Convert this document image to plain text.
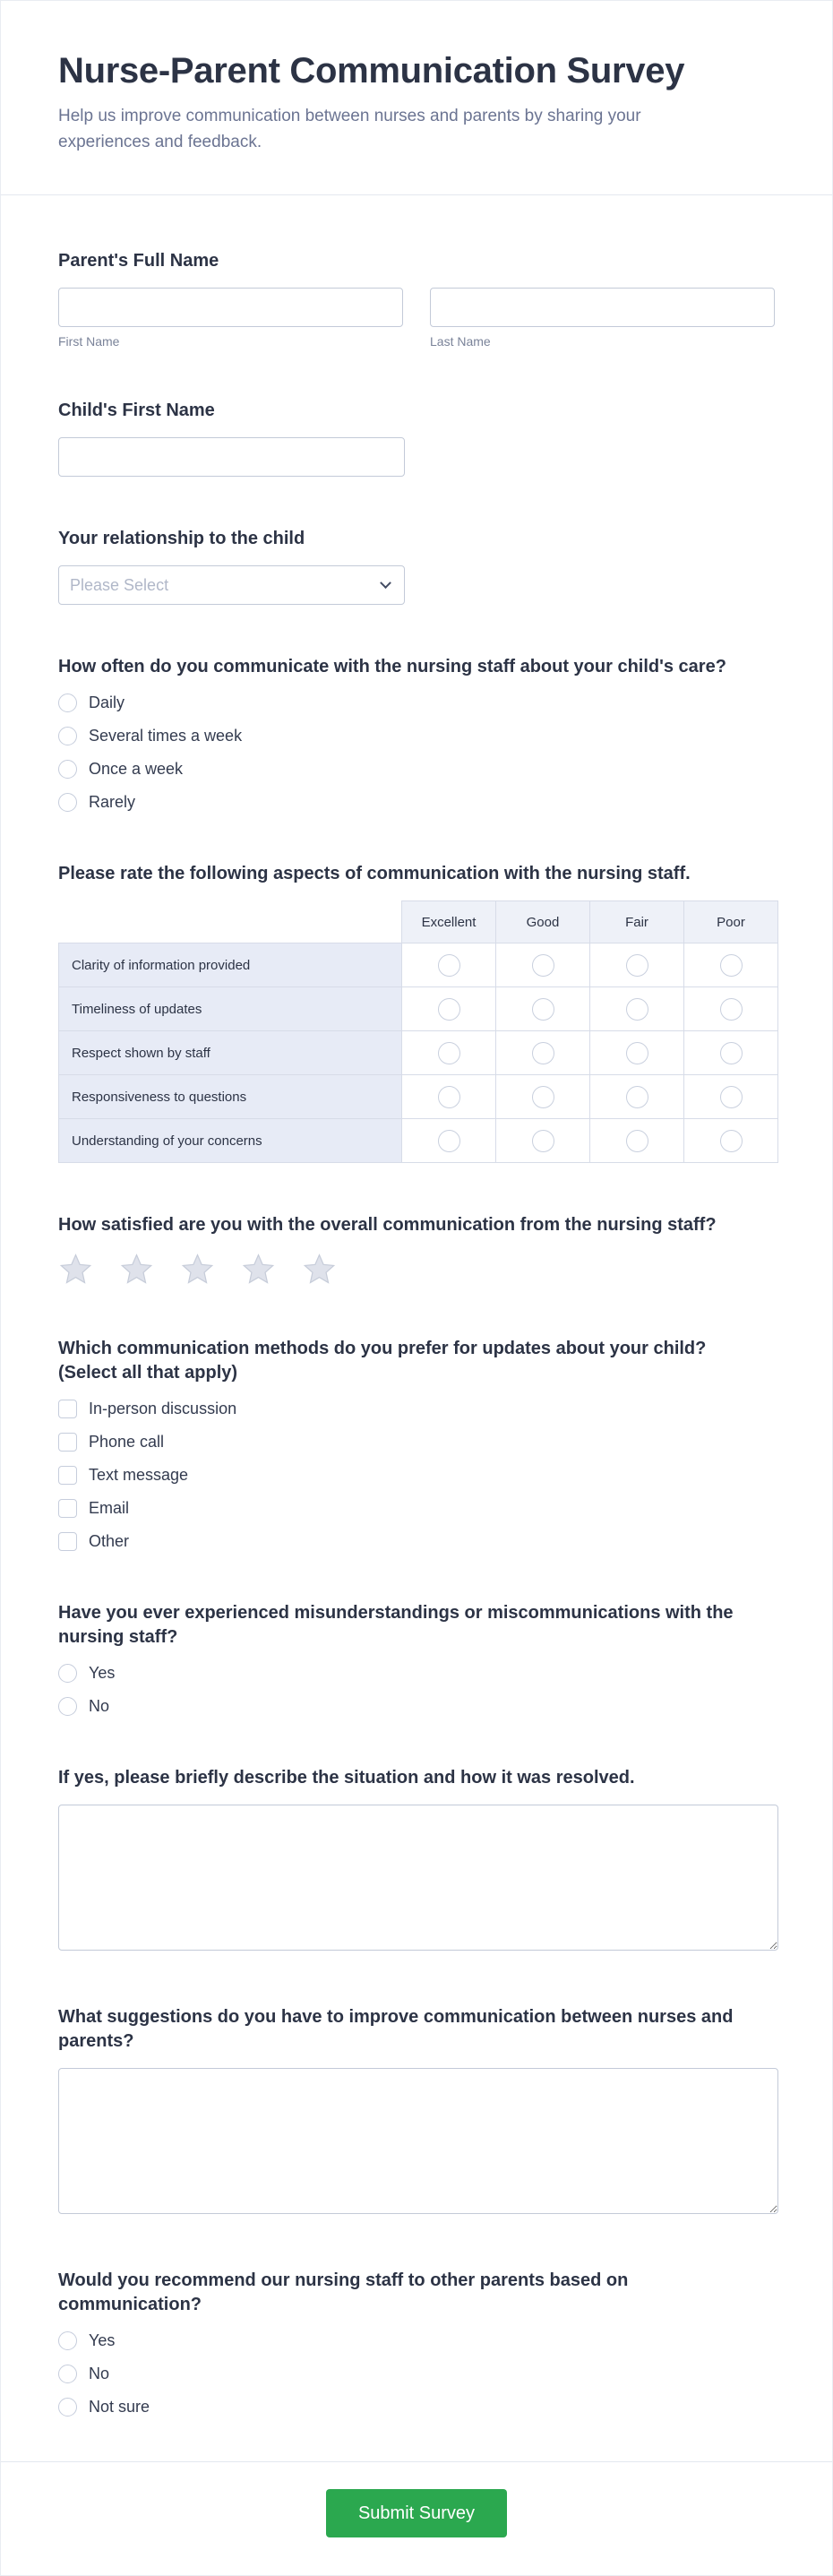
Nurse-Parent Communication Survey

Help us improve communication between nurses and parents by sharing your experiences and feedback.

Parent's Full Name
First Name	Last Name
Child's First Name
Your relationship to the child
Please Select
How often do you communicate with the nursing staff about your child's care?
Daily
Several times a week
Once a week
Rarely
Please rate the following aspects of communication with the nursing staff.
	Excellent	Good	Fair	Poor
Clarity of information provided				
Timeliness of updates				
Respect shown by staff				
Responsiveness to questions				
Understanding of your concerns				
How satisfied are you with the overall communication from the nursing staff?
Which communication methods do you prefer for updates about your child? (Select all that apply)
In-person discussion
Phone call
Text message
Email
Other
Have you ever experienced misunderstandings or miscommunications with the nursing staff?
Yes
No
If yes, please briefly describe the situation and how it was resolved.
What suggestions do you have to improve communication between nurses and parents?
Would you recommend our nursing staff to other parents based on communication?
Yes
No
Not sure
Submit Survey
